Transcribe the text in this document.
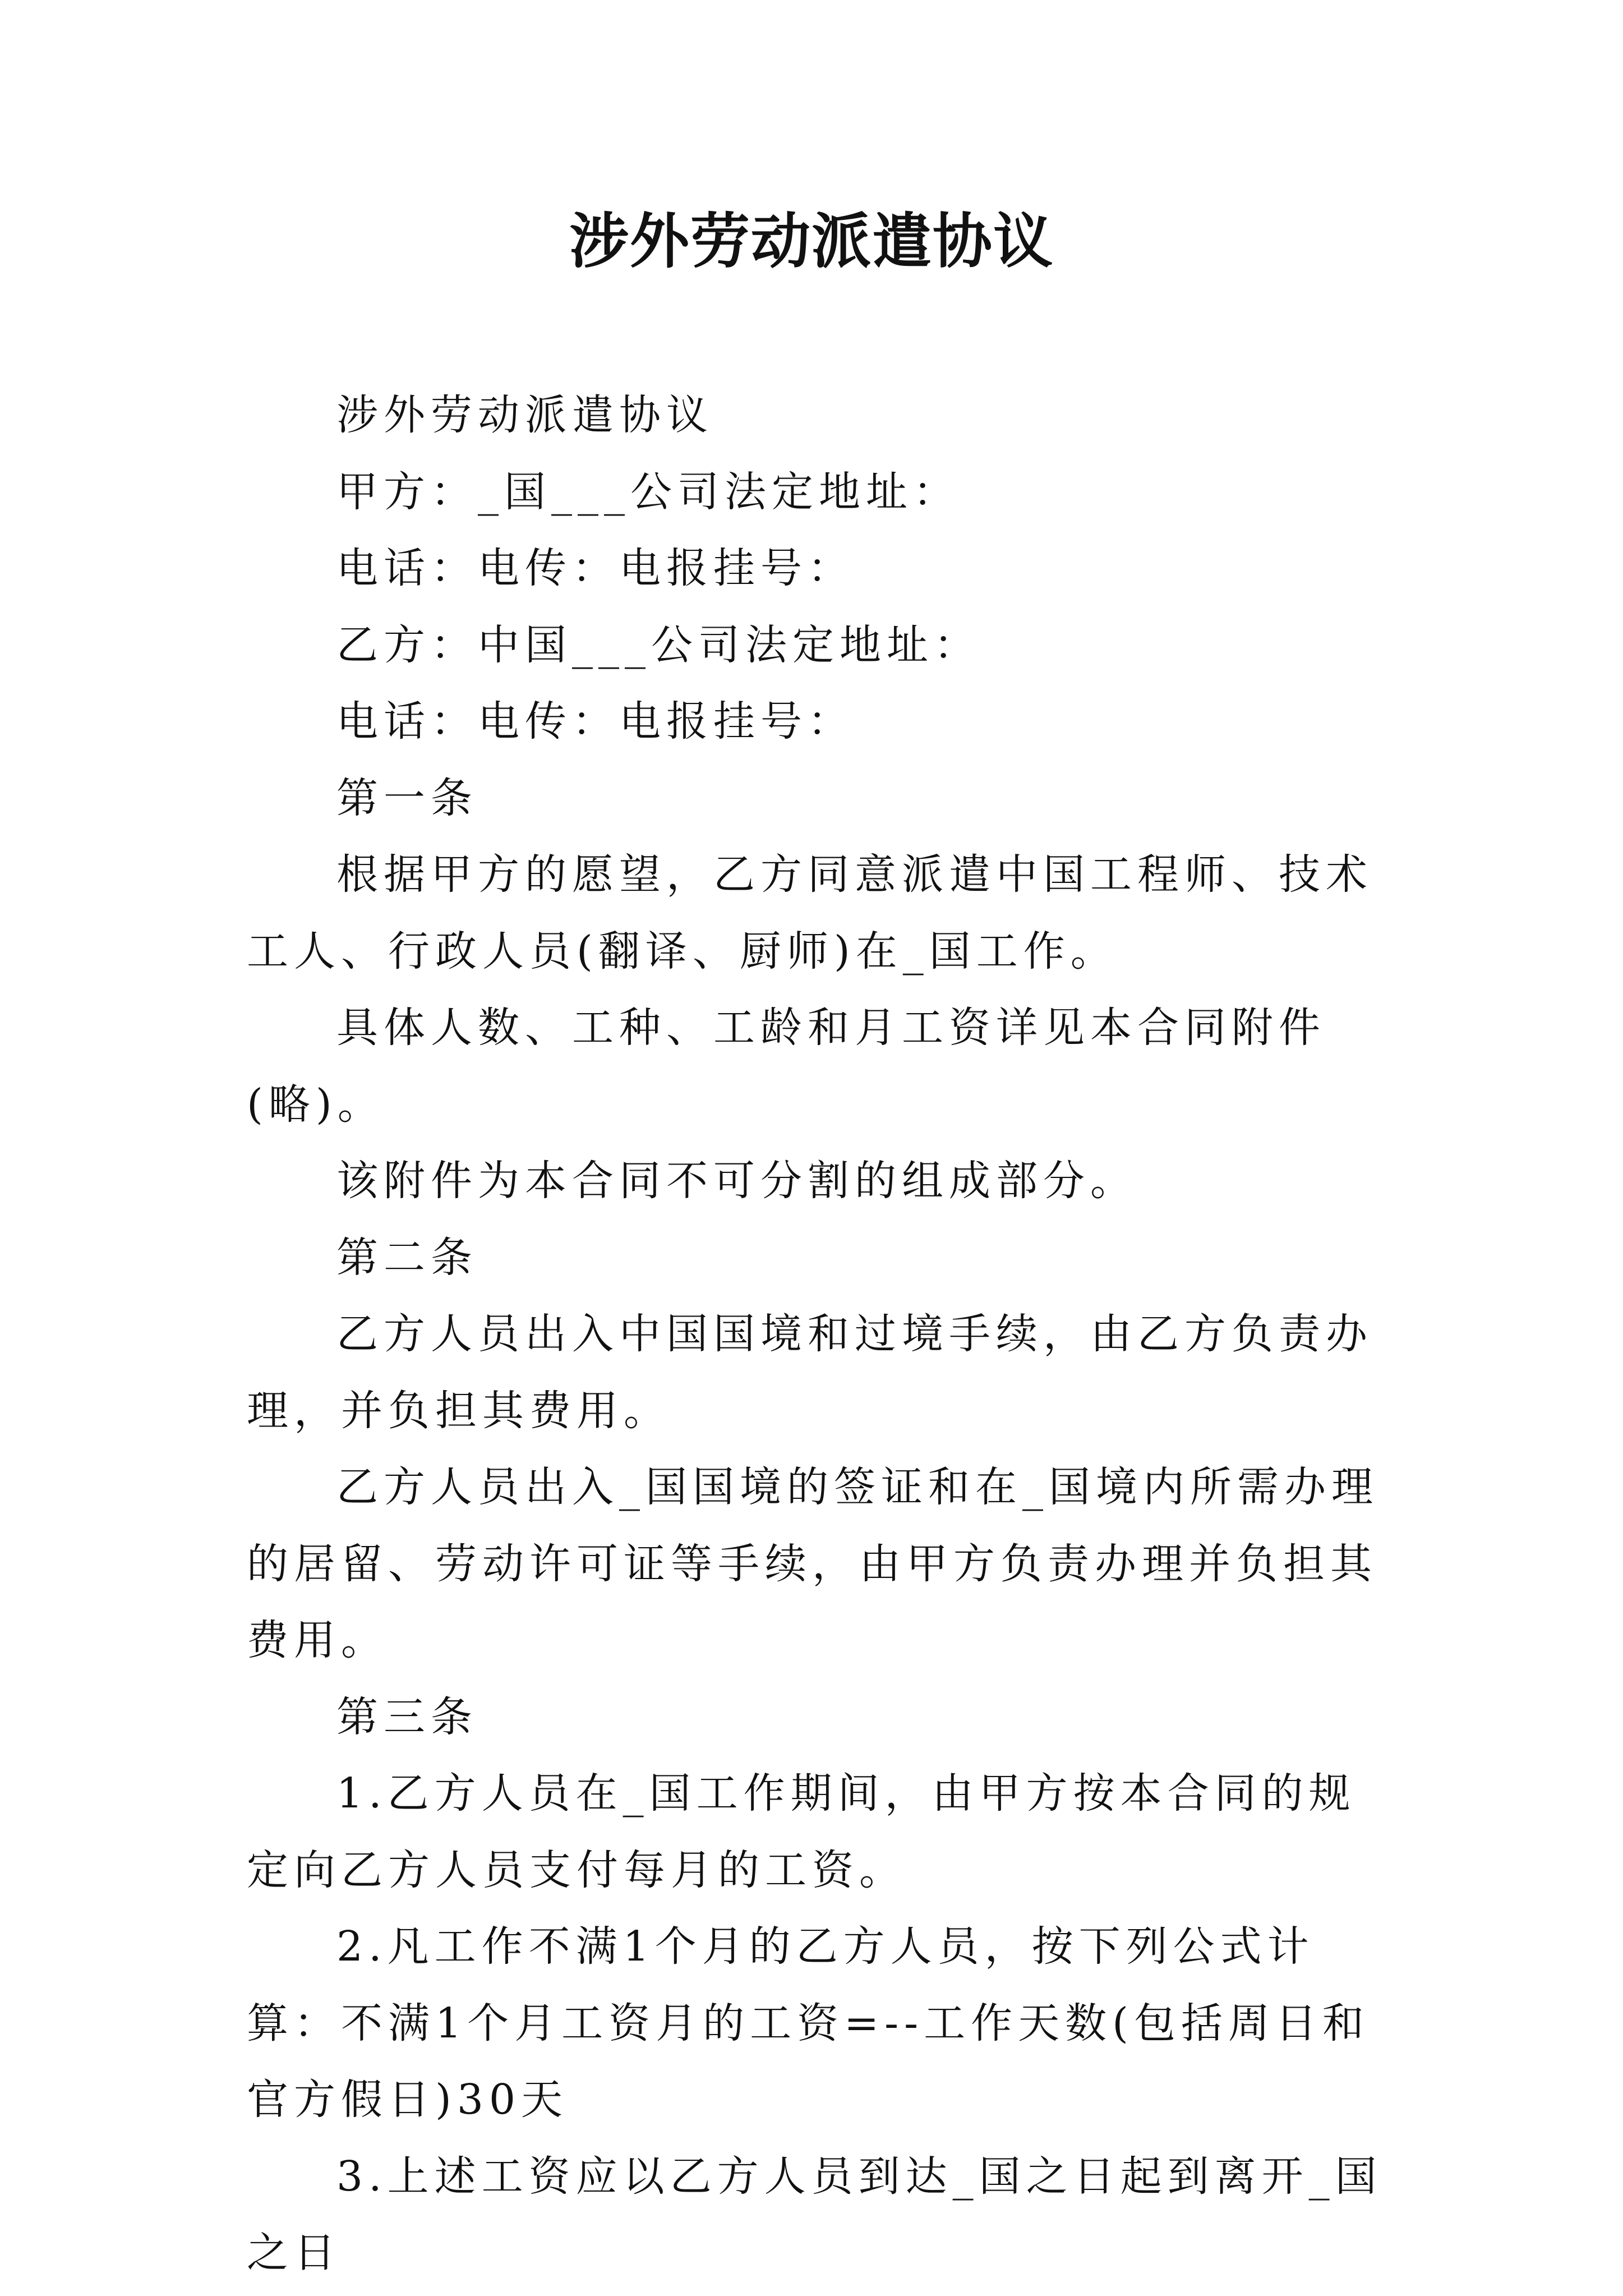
涉外劳动派遣协议

涉外劳动派遣协议

甲方：_国___公司法定地址：

电话：电传：电报挂号：

乙方：中国___公司法定地址：

电话：电传：电报挂号：

第一条

根据甲方的愿望，乙方同意派遣中国工程师、技术工人、行政人员(翻译、厨师)在_国工作。

具体人数、工种、工龄和月工资详见本合同附件(略)。

该附件为本合同不可分割的组成部分。

第二条

乙方人员出入中国国境和过境手续，由乙方负责办理，并负担其费用。

乙方人员出入_国国境的签证和在_国境内所需办理的居留、劳动许可证等手续，由甲方负责办理并负担其费用。

第三条

1.乙方人员在_国工作期间，由甲方按本合同的规定向乙方人员支付每月的工资。

2.凡工作不满1个月的乙方人员，按下列公式计算：不满1个月工资月的工资=--工作天数(包括周日和官方假日)30天

3.上述工资应以乙方人员到达_国之日起到离开_国之日
